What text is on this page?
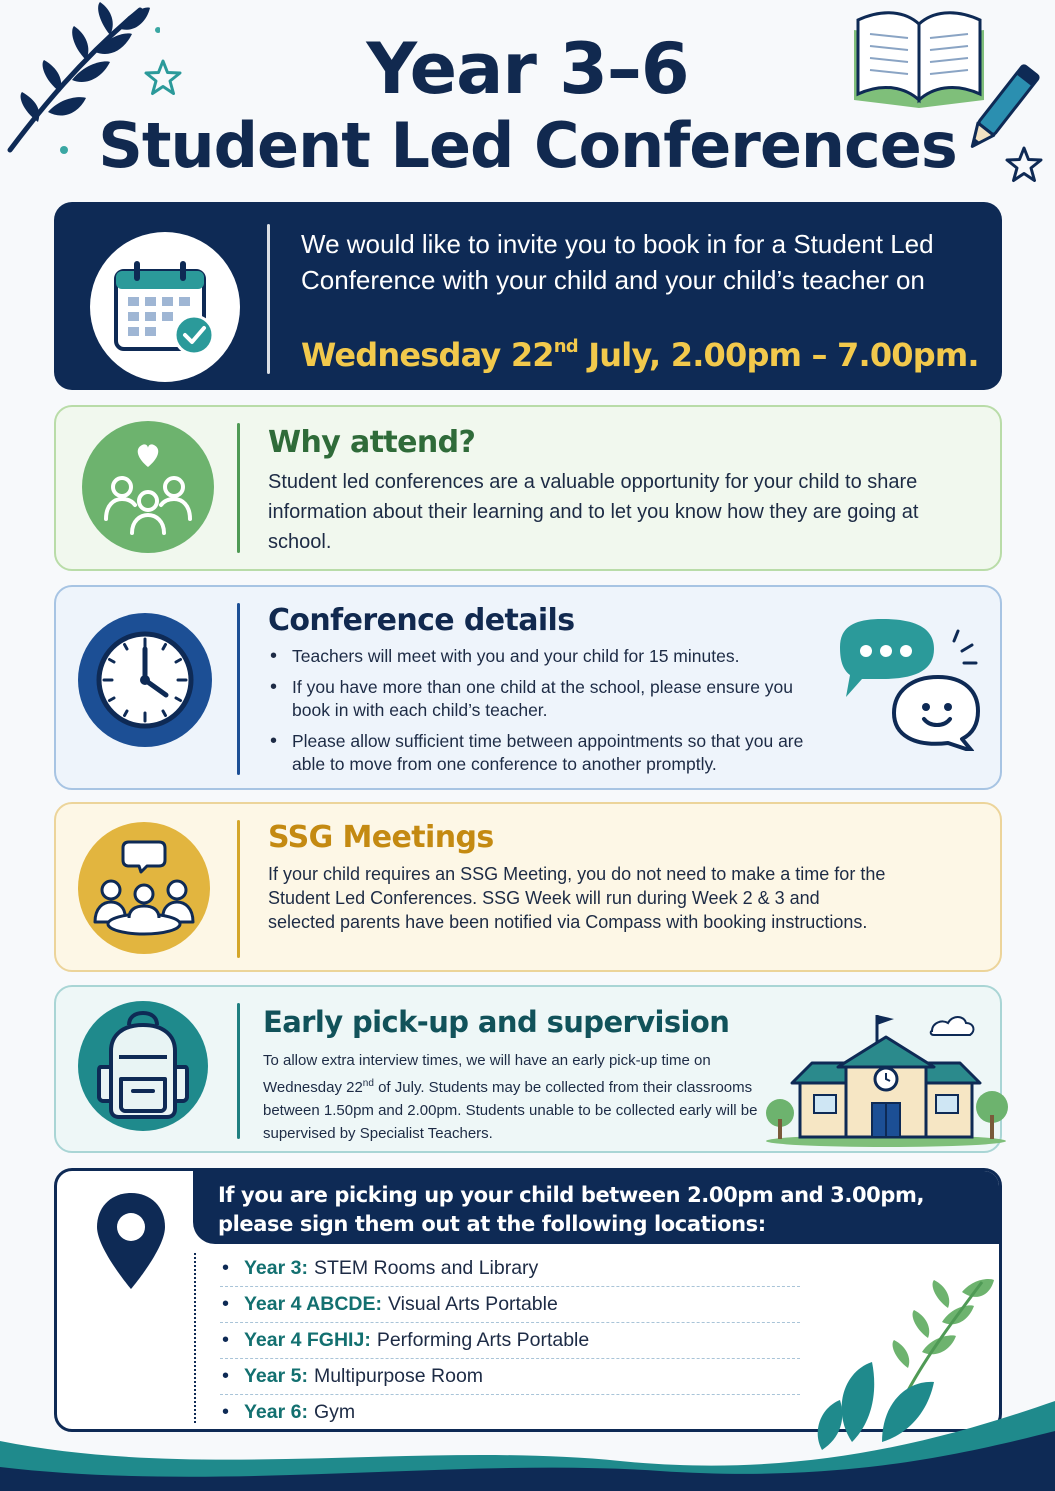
Year 3–6
Student Led Conferences
We would like to invite you to book in for a Student Led Conference with your child and your child’s teacher on
Wednesday 22nd July, 2.00pm – 7.00pm.
Why attend?

Student led conferences are a valuable opportunity for your child to share information about their learning and to let you know how they are going at school.

Conference details
• Teachers will meet with you and your child for 15 minutes.
• If you have more than one child at the school, please ensure you book in with each child’s teacher.
• Please allow sufficient time between appointments so that you are able to move from one conference to another promptly.
SSG Meetings

If your child requires an SSG Meeting, you do not need to make a time for the Student Led Conferences. SSG Week will run during Week 2 & 3 and selected parents have been notified via Compass with booking instructions.

Early pick-up and supervision

To allow extra interview times, we will have an early pick-up time on Wednesday 22nd of July. Students may be collected from their classrooms between 1.50pm and 2.00pm. Students unable to be collected early will be supervised by Specialist Teachers.

If you are picking up your child between 2.00pm and 3.00pm, please sign them out at the following locations:
• Year 3: STEM Rooms and Library
• Year 4 ABCDE: Visual Arts Portable
• Year 4 FGHIJ: Performing Arts Portable
• Year 5: Multipurpose Room
• Year 6: Gym
